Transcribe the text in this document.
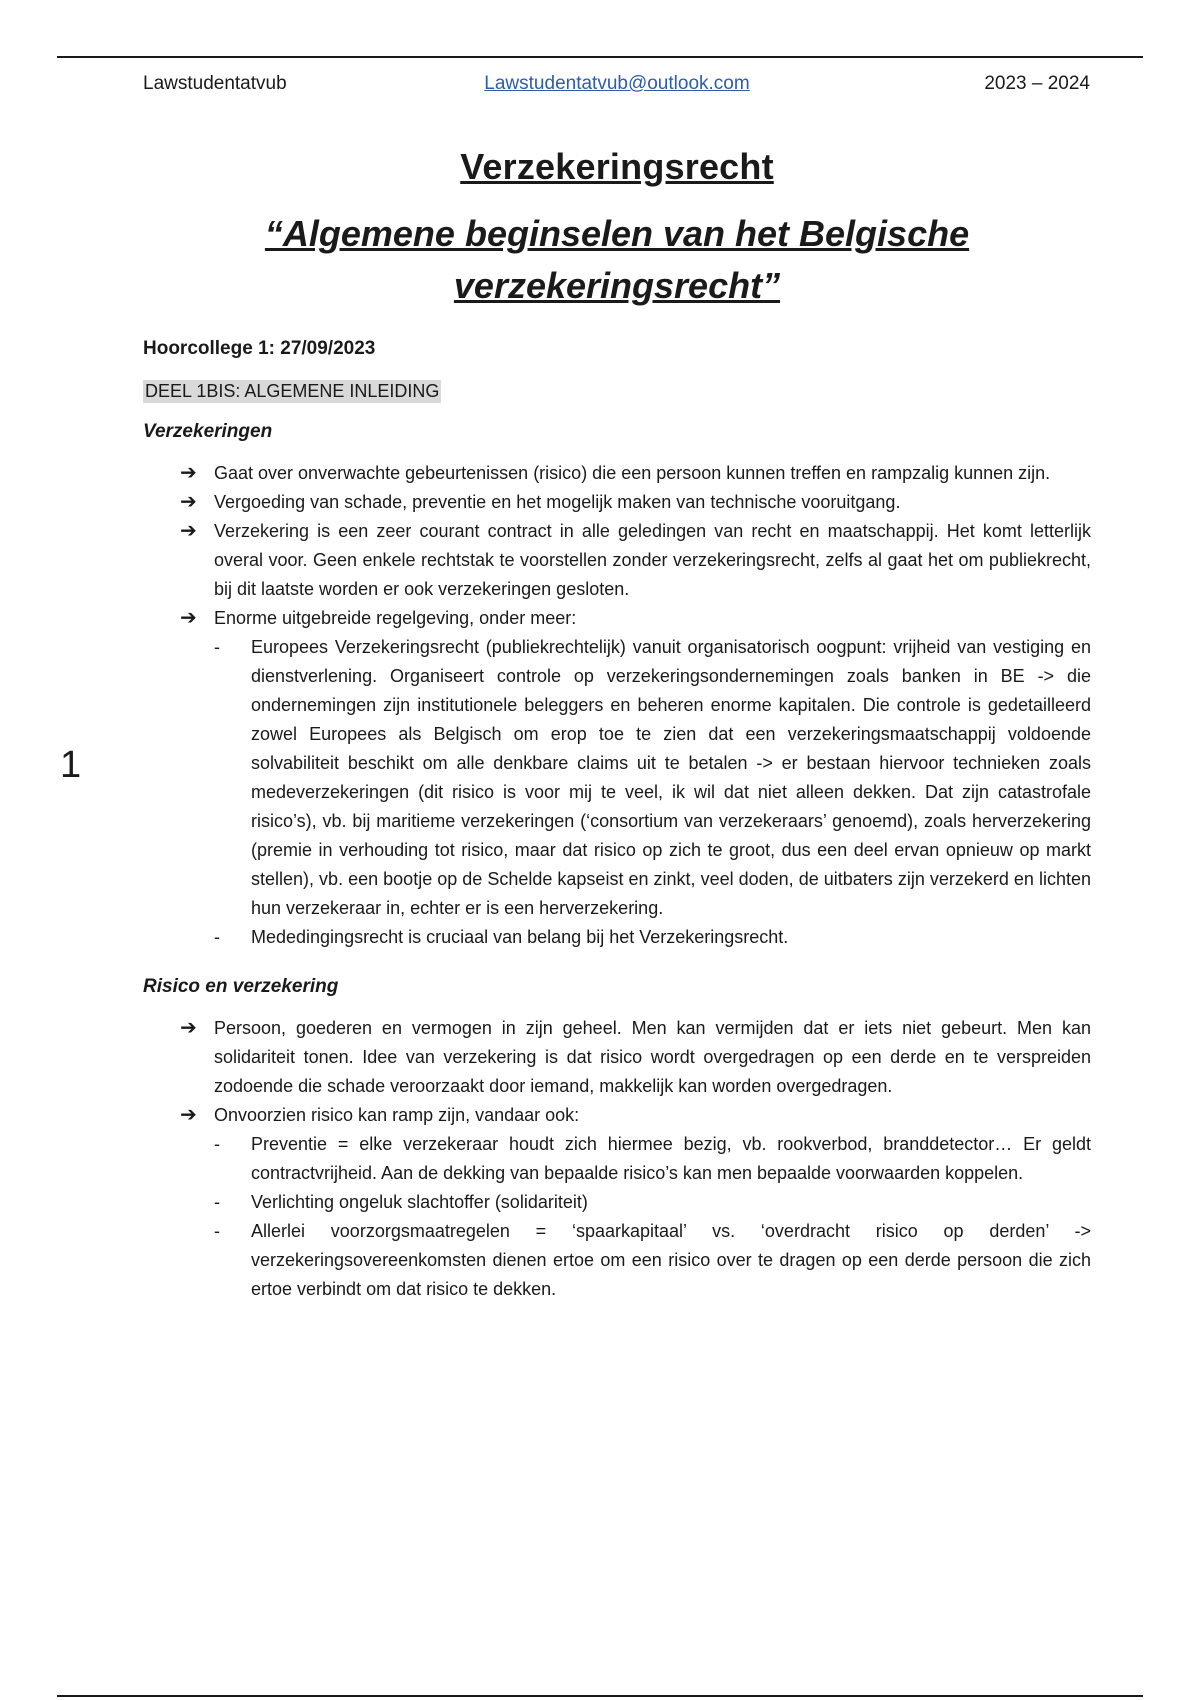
Lawstudentatvub	Lawstudentatvub@outlook.com	2023 – 2024
1
Verzekeringsrecht
“Algemene beginselen van het Belgische verzekeringsrecht”
Hoorcollege 1: 27/09/2023
DEEL 1BIS: ALGEMENE INLEIDING
Verzekeringen
➔ Gaat over onverwachte gebeurtenissen (risico) die een persoon kunnen treffen en rampzalig kunnen zijn.
➔ Vergoeding van schade, preventie en het mogelijk maken van technische vooruitgang.
➔ Verzekering is een zeer courant contract in alle geledingen van recht en maatschappij. Het komt letterlijk overal voor. Geen enkele rechtstak te voorstellen zonder verzekeringsrecht, zelfs al gaat het om publiekrecht, bij dit laatste worden er ook verzekeringen gesloten.
➔ Enorme uitgebreide regelgeving, onder meer:
- Europees Verzekeringsrecht (publiekrechtelijk) vanuit organisatorisch oogpunt: vrijheid van vestiging en dienstverlening. Organiseert controle op verzekeringsondernemingen zoals banken in BE -> die ondernemingen zijn institutionele beleggers en beheren enorme kapitalen. Die controle is gedetailleerd zowel Europees als Belgisch om erop toe te zien dat een verzekeringsmaatschappij voldoende solvabiliteit beschikt om alle denkbare claims uit te betalen -> er bestaan hiervoor technieken zoals medeverzekeringen (dit risico is voor mij te veel, ik wil dat niet alleen dekken. Dat zijn catastrofale risico’s), vb. bij maritieme verzekeringen (‘consortium van verzekeraars’ genoemd), zoals herverzekering (premie in verhouding tot risico, maar dat risico op zich te groot, dus een deel ervan opnieuw op markt stellen), vb. een bootje op de Schelde kapseist en zinkt, veel doden, de uitbaters zijn verzekerd en lichten hun verzekeraar in, echter er is een herverzekering.
- Mededingingsrecht is cruciaal van belang bij het Verzekeringsrecht.
Risico en verzekering
➔ Persoon, goederen en vermogen in zijn geheel. Men kan vermijden dat er iets niet gebeurt. Men kan solidariteit tonen. Idee van verzekering is dat risico wordt overgedragen op een derde en te verspreiden zodoende die schade veroorzaakt door iemand, makkelijk kan worden overgedragen.
➔ Onvoorzien risico kan ramp zijn, vandaar ook:
- Preventie = elke verzekeraar houdt zich hiermee bezig, vb. rookverbod, branddetector… Er geldt contractvrijheid. Aan de dekking van bepaalde risico’s kan men bepaalde voorwaarden koppelen.
- Verlichting ongeluk slachtoffer (solidariteit)
- Allerlei voorzorgsmaatregelen = ‘spaarkapitaal’ vs. ‘overdracht risico op derden’ -> verzekeringsovereenkomsten dienen ertoe om een risico over te dragen op een derde persoon die zich ertoe verbindt om dat risico te dekken.
